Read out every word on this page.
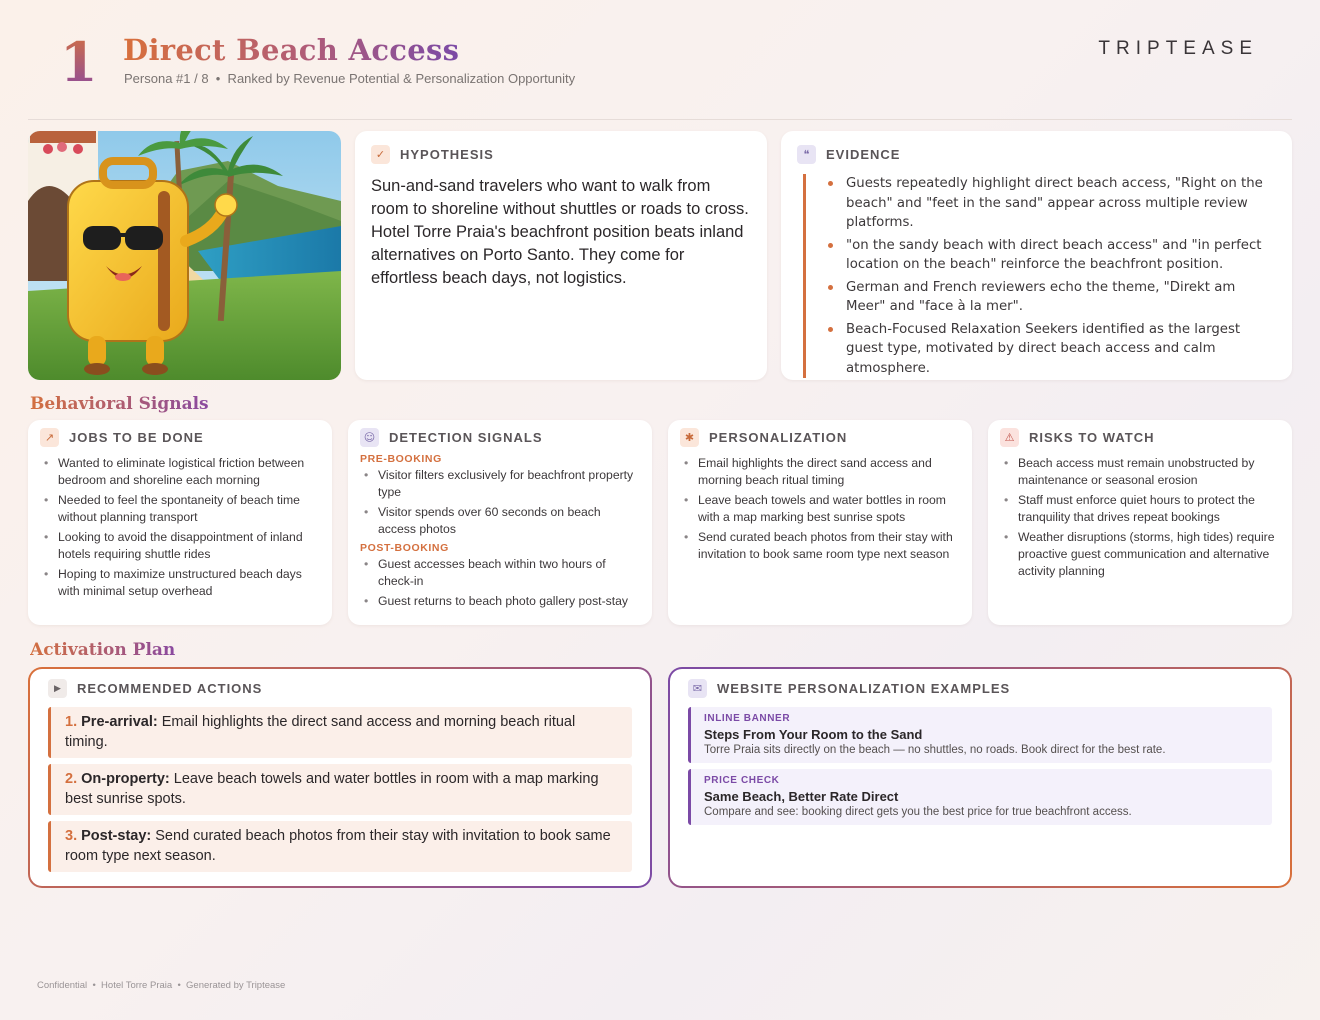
1 Direct Beach Access
Persona #1 / 8  •  Ranked by Revenue Potential & Personalization Opportunity
TRIPTEASE
✓	HYPOTHESIS
Sun-and-sand travelers who want to walk from room to shoreline without shuttles or roads to cross. Hotel Torre Praia's beachfront position beats inland alternatives on Porto Santo. They come for effortless beach days, not logistics.
❝	EVIDENCE
Guests repeatedly highlight direct beach access, "Right on the beach" and "feet in the sand" appear across multiple review platforms.
"on the sandy beach with direct beach access" and "in perfect location on the beach" reinforce the beachfront position.
German and French reviewers echo the theme, "Direkt am Meer" and "face à la mer".
Beach-Focused Relaxation Seekers identified as the largest guest type, motivated by direct beach access and calm atmosphere.
Behavioral Signals
↗	JOBS TO BE DONE
• Wanted to eliminate logistical friction between bedroom and shoreline each morning
• Needed to feel the spontaneity of beach time without planning transport
• Looking to avoid the disappointment of inland hotels requiring shuttle rides
• Hoping to maximize unstructured beach days with minimal setup overhead
☺ DETECTION SIGNALS
PRE-BOOKING
• Visitor filters exclusively for beachfront property type
• Visitor spends over 60 seconds on beach access photos
POST-BOOKING
• Guest accesses beach within two hours of check-in
• Guest returns to beach photo gallery post-stay
✱	PERSONALIZATION
• Email highlights the direct sand access and morning beach ritual timing
• Leave beach towels and water bottles in room with a map marking best sunrise spots
• Send curated beach photos from their stay with invitation to book same room type next season
⚠	RISKS TO WATCH
• Beach access must remain unobstructed by maintenance or seasonal erosion
• Staff must enforce quiet hours to protect the tranquility that drives repeat bookings
• Weather disruptions (storms, high tides) require proactive guest communication and alternative activity planning
Activation Plan
▶	RECOMMENDED ACTIONS
1. Pre-arrival: Email highlights the direct sand access and morning beach ritual timing.
2. On-property: Leave beach towels and water bottles in room with a map marking best sunrise spots.
3. Post-stay: Send curated beach photos from their stay with invitation to book same room type next season.
✉	WEBSITE PERSONALIZATION EXAMPLES
INLINE BANNER
Steps From Your Room to the Sand
Torre Praia sits directly on the beach — no shuttles, no roads. Book direct for the best rate.
PRICE CHECK
Same Beach, Better Rate Direct
Compare and see: booking direct gets you the best price for true beachfront access.
Confidential  •  Hotel Torre Praia  •  Generated by Triptease
